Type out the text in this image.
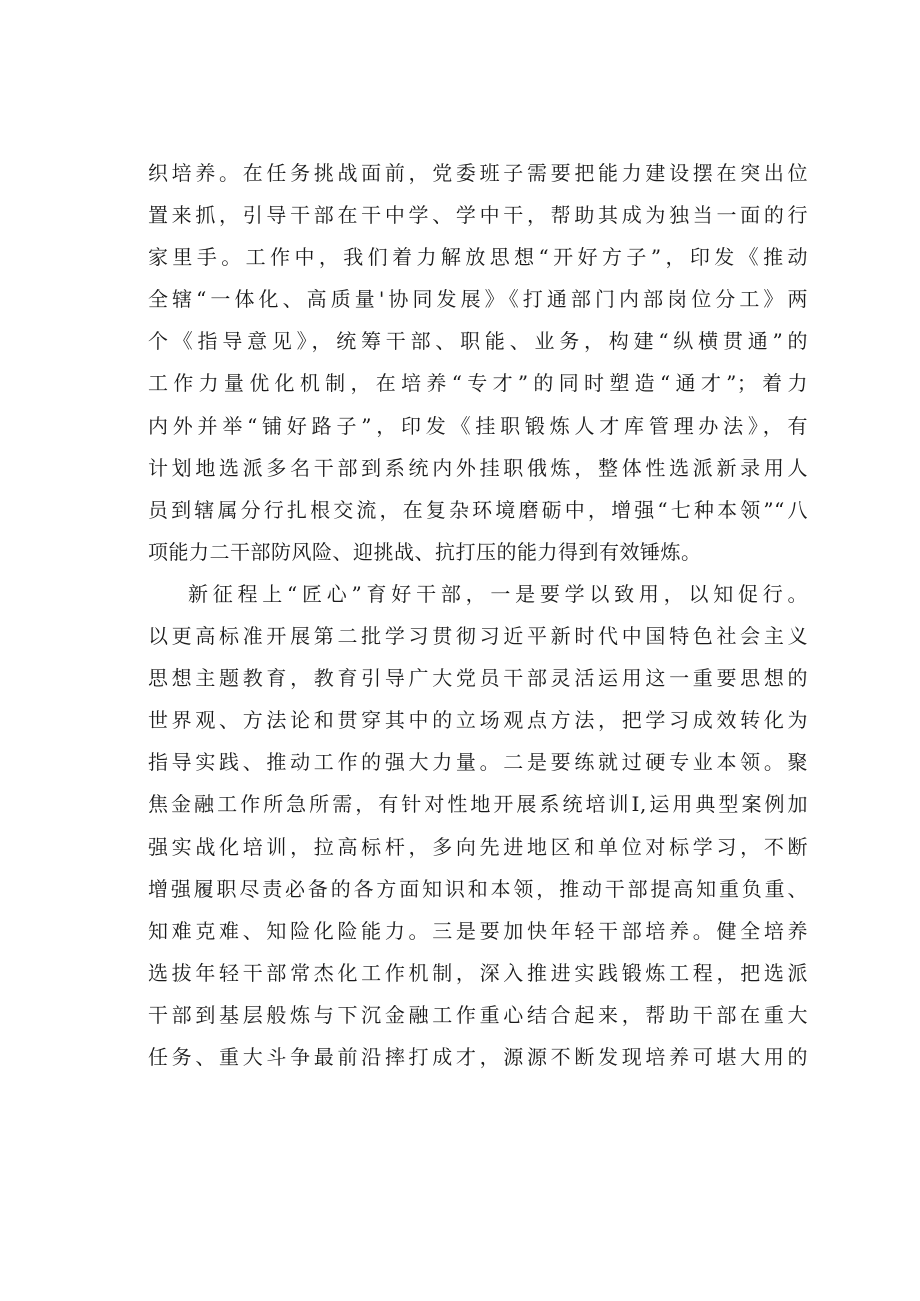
织培养。在任务挑战面前，党委班子需要把能力建设摆在突出位
置来抓，引导干部在干中学、学中干，帮助其成为独当一面的行
家里手。工作中，我们着力解放思想“开好方子”，印发《推动
全辖“一体化、高质量'协同发展》《打通部门内部岗位分工》两
个《指导意见》，统筹干部、职能、业务，构建“纵横贯通”的
工作力量优化机制，在培养“专才”的同时塑造“通才”；着力
内外并举“铺好路子”，印发《挂职锻炼人才库管理办法》，有
计划地选派多名干部到系统内外挂职俄炼，整体性选派新录用人
员到辖属分行扎根交流，在复杂环境磨砺中，增强“七种本领”“八
项能力二干部防风险、迎挑战、抗打压的能力得到有效锤炼。
新征程上“匠心”育好干部，一是要学以致用，以知促行。
以更高标准开展第二批学习贯彻习近平新时代中国特色社会主义
思想主题教育，教育引导广大党员干部灵活运用这一重要思想的
世界观、方法论和贯穿其中的立场观点方法，把学习成效转化为
指导实践、推动工作的强大力量。二是要练就过硬专业本领。聚
焦金融工作所急所需，有针对性地开展系统培训I,运用典型案例加
强实战化培训，拉高标杆，多向先进地区和单位对标学习，不断
增强履职尽责必备的各方面知识和本领，推动干部提高知重负重、
知难克难、知险化险能力。三是要加快年轻干部培养。健全培养
选拔年轻干部常杰化工作机制，深入推进实践锻炼工程，把选派
干部到基层般炼与下沉金融工作重心结合起来，帮助干部在重大
任务、重大斗争最前沿摔打成才，源源不断发现培养可堪大用的
